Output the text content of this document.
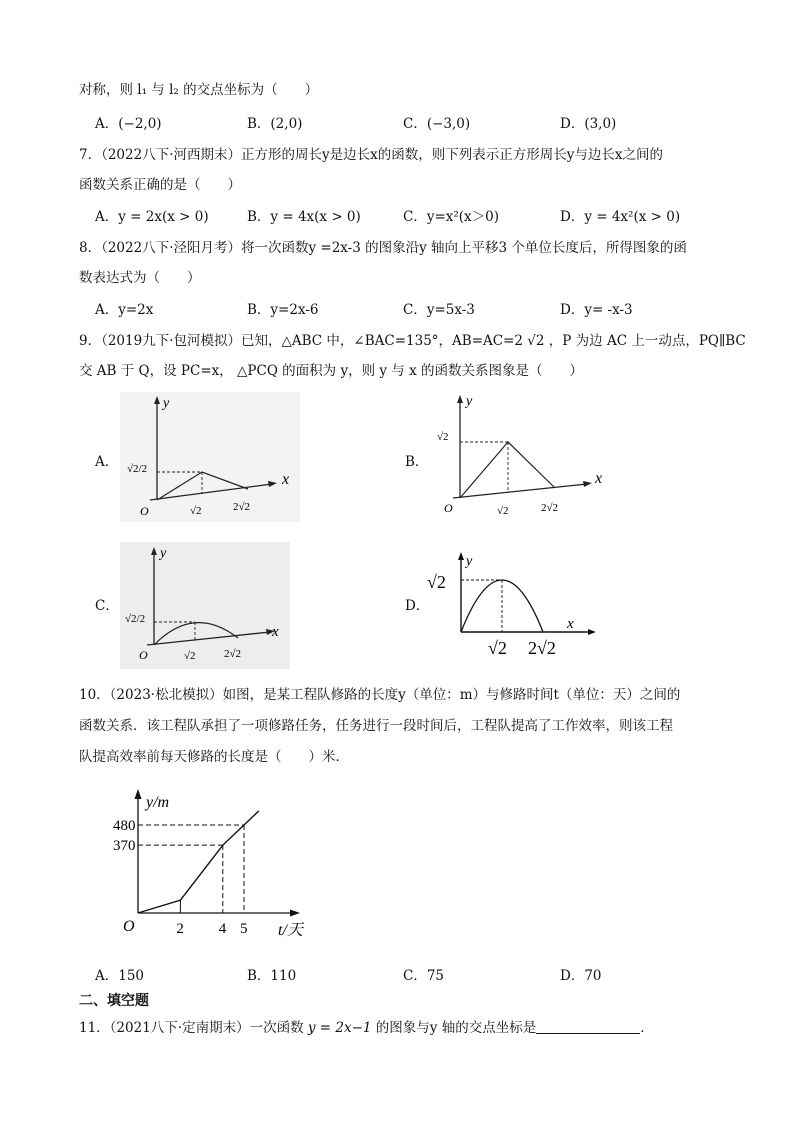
对称，则 l₁ 与 l₂ 的交点坐标为（　　）
A．(−2,0)	B．(2,0)	C．(−3,0)	D．(3,0)
7．（2022八下·河西期末）正方形的周长y是边长x的函数，则下列表示正方形周长y与边长x之间的
函数关系正确的是（　　）
A．y = 2x(x > 0)	B．y = 4x(x > 0)	C．y=x²(x＞0)	D．y = 4x²(x > 0)
8．（2022八下·泾阳月考）将一次函数y =2x-3 的图象沿y 轴向上平移3 个单位长度后，所得图象的函
数表达式为（　　）
A．y=2x	B．y=2x-6	C．y=5x-3	D．y= -x-3
9．（2019九下·包河模拟）已知，△ABC 中，∠BAC=135°，AB=AC=2 √2 ，P 为边 AC 上一动点，PQ∥BC
交 AB 于 Q，设 PC=x， △PCQ 的面积为 y，则 y 与 x 的函数关系图象是（　　）
A．	B．
C．	D．
y
x
O
√2/2
√2	2√2
y
x
O
√2
√2	2√2
y
x
O
√2/2
√2	2√2
y
x
√2
√2 2√2
10．（2023·松北模拟）如图，是某工程队修路的长度y（单位：m）与修路时间t（单位：天）之间的
函数关系．该工程队承担了一项修路任务，任务进行一段时间后，工程队提高了工作效率，则该工程
队提高效率前每天修路的长度是（　　）米．
y/m
t/天
O
480
370
2 4 5
A．150	B．110	C．75	D．70
二、填空题
11．（2021八下·定南期末）一次函数 y = 2x−1 的图象与y 轴的交点坐标是	．
